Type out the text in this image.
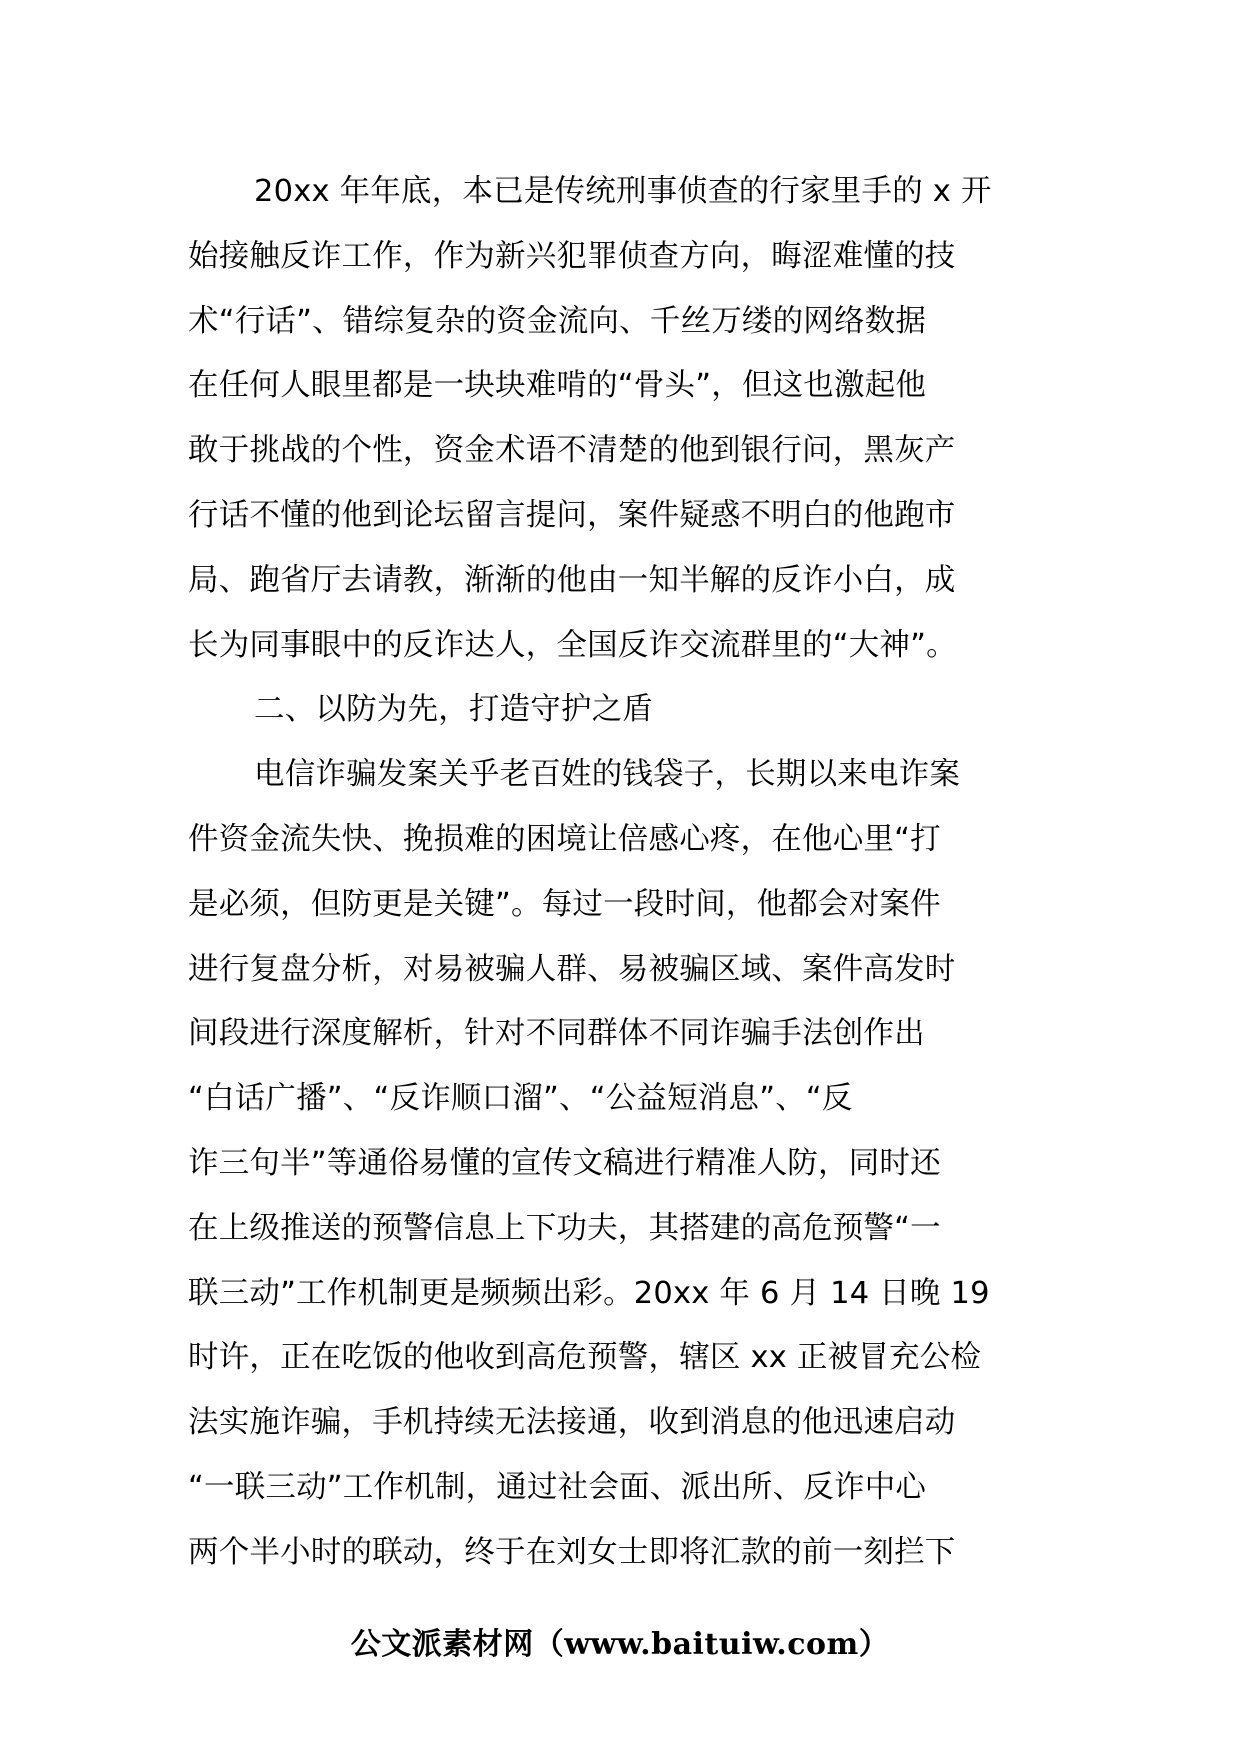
20xx 年年底，本已是传统刑事侦查的行家里手的 x 开
始接触反诈工作，作为新兴犯罪侦查方向，晦涩难懂的技
术“行话”、错综复杂的资金流向、千丝万缕的网络数据
在任何人眼里都是一块块难啃的“骨头”，但这也激起他
敢于挑战的个性，资金术语不清楚的他到银行问，黑灰产
行话不懂的他到论坛留言提问，案件疑惑不明白的他跑市
局、跑省厅去请教，渐渐的他由一知半解的反诈小白，成
长为同事眼中的反诈达人，全国反诈交流群里的“大神”。
二、以防为先，打造守护之盾
电信诈骗发案关乎老百姓的钱袋子，长期以来电诈案
件资金流失快、挽损难的困境让倍感心疼，在他心里“打
是必须，但防更是关键”。每过一段时间，他都会对案件
进行复盘分析，对易被骗人群、易被骗区域、案件高发时
间段进行深度解析，针对不同群体不同诈骗手法创作出
“白话广播”、“反诈顺口溜”、“公益短消息”、“反
诈三句半”等通俗易懂的宣传文稿进行精准人防，同时还
在上级推送的预警信息上下功夫，其搭建的高危预警“一
联三动”工作机制更是频频出彩。20xx 年 6 月 14 日晚 19
时许，正在吃饭的他收到高危预警，辖区 xx 正被冒充公检
法实施诈骗，手机持续无法接通，收到消息的他迅速启动
“一联三动”工作机制，通过社会面、派出所、反诈中心
两个半小时的联动，终于在刘女士即将汇款的前一刻拦下
公文派素材网（www.baituiw.com）
